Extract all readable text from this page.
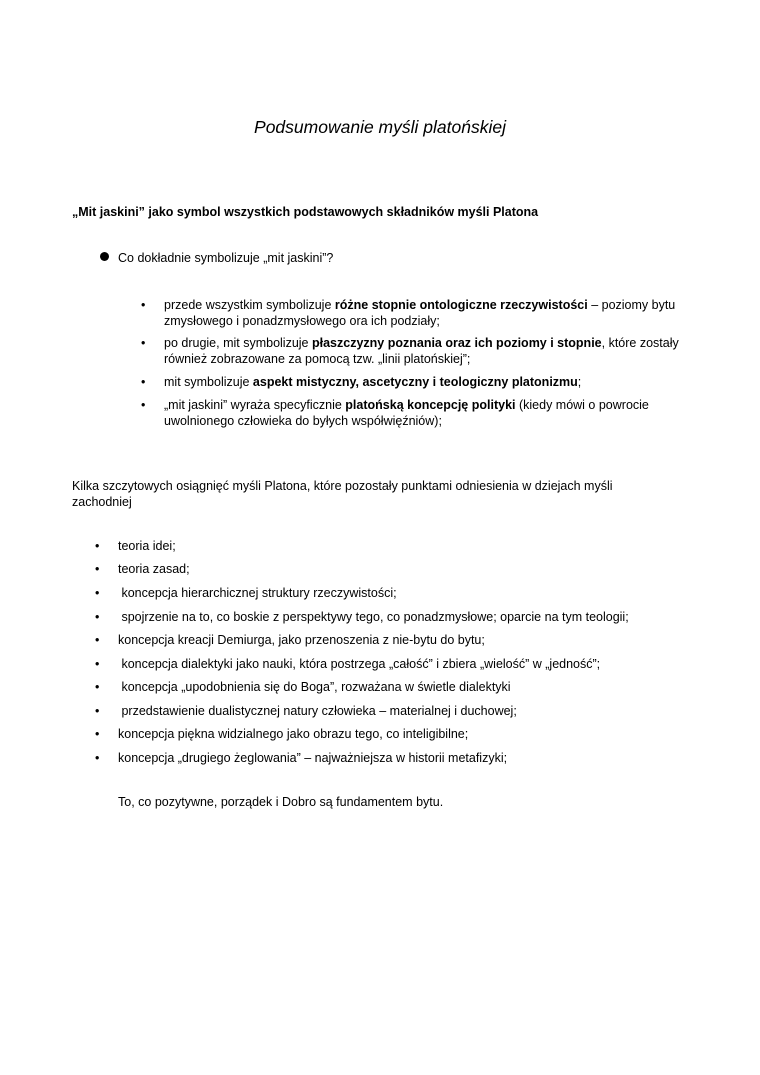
Podsumowanie myśli platońskiej
„Mit jaskini” jako symbol wszystkich podstawowych składników myśli Platona
Co dokładnie symbolizuje „mit jaskini”?
• przede wszystkim symbolizuje różne stopnie ontologiczne rzeczywistości – poziomy bytu zmysłowego i ponadzmysłowego ora ich podziały;
• po drugie, mit symbolizuje płaszczyzny poznania oraz ich poziomy i stopnie, które zostały również zobrazowane za pomocą tzw. „linii platońskiej”;
• mit symbolizuje aspekt mistyczny, ascetyczny i teologiczny platonizmu;
• „mit jaskini” wyraża specyficznie platońską koncepcję polityki (kiedy mówi o powrocie uwolnionego człowieka do byłych współwięźniów);
Kilka szczytowych osiągnięć myśli Platona, które pozostały punktami odniesienia w dziejach myśli zachodniej
• teoria idei;
• teoria zasad;
• koncepcja hierarchicznej struktury rzeczywistości;
• spojrzenie na to, co boskie z perspektywy tego, co ponadzmysłowe; oparcie na tym teologii;
• koncepcja kreacji Demiurga, jako przenoszenia z nie-bytu do bytu;
• koncepcja dialektyki jako nauki, która postrzega „całość” i zbiera „wielość” w „jedność”;
• koncepcja „upodobnienia się do Boga”, rozważana w świetle dialektyki
• przedstawienie dualistycznej natury człowieka – materialnej i duchowej;
• koncepcja piękna widzialnego jako obrazu tego, co inteligibilne;
• koncepcja „drugiego żeglowania” – najważniejsza w historii metafizyki;
To, co pozytywne, porządek i Dobro są fundamentem bytu.
